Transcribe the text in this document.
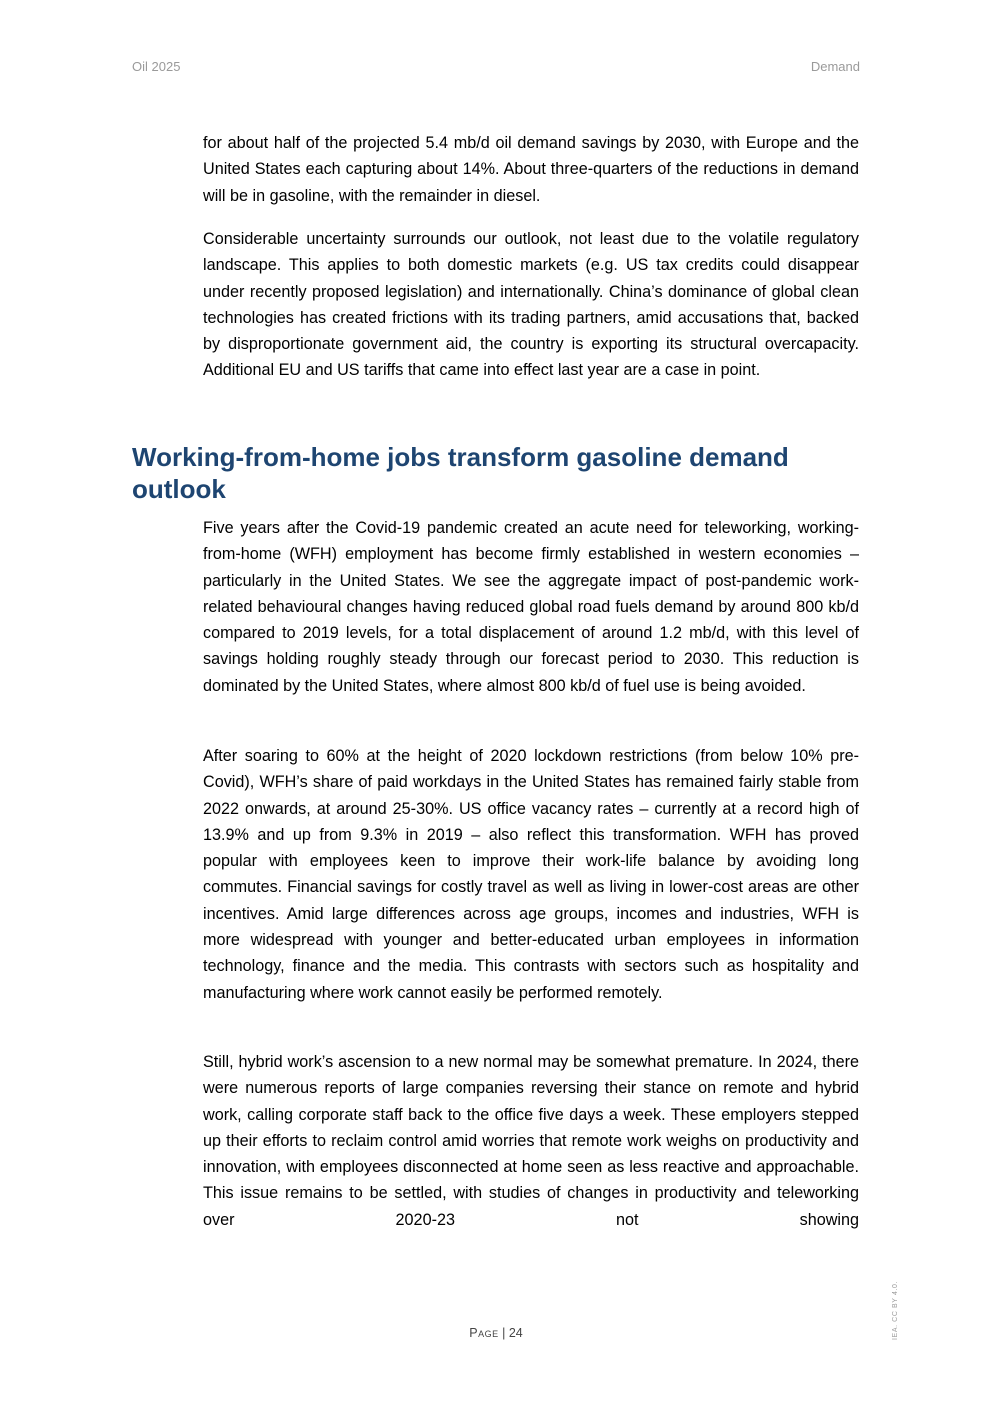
Oil 2025	Demand

for about half of the projected 5.4 mb/d oil demand savings by 2030, with Europe and the United States each capturing about 14%. About three-quarters of the reductions in demand will be in gasoline, with the remainder in diesel.

Considerable uncertainty surrounds our outlook, not least due to the volatile regulatory landscape. This applies to both domestic markets (e.g. US tax credits could disappear under recently proposed legislation) and internationally. China’s dominance of global clean technologies has created frictions with its trading partners, amid accusations that, backed by disproportionate government aid, the country is exporting its structural overcapacity. Additional EU and US tariffs that came into effect last year are a case in point.

Working-from-home jobs transform gasoline demand outlook

Five years after the Covid-19 pandemic created an acute need for teleworking, working-from-home (WFH) employment has become firmly established in western economies – particularly in the United States. We see the aggregate impact of post-pandemic work-related behavioural changes having reduced global road fuels demand by around 800 kb/d compared to 2019 levels, for a total displacement of around 1.2 mb/d, with this level of savings holding roughly steady through our forecast period to 2030. This reduction is dominated by the United States, where almost 800 kb/d of fuel use is being avoided.

After soaring to 60% at the height of 2020 lockdown restrictions (from below 10% pre-Covid), WFH’s share of paid workdays in the United States has remained fairly stable from 2022 onwards, at around 25-30%. US office vacancy rates – currently at a record high of 13.9% and up from 9.3% in 2019 – also reflect this transformation. WFH has proved popular with employees keen to improve their work-life balance by avoiding long commutes. Financial savings for costly travel as well as living in lower-cost areas are other incentives. Amid large differences across age groups, incomes and industries, WFH is more widespread with younger and better-educated urban employees in information technology, finance and the media. This contrasts with sectors such as hospitality and manufacturing where work cannot easily be performed remotely.

Still, hybrid work’s ascension to a new normal may be somewhat premature. In 2024, there were numerous reports of large companies reversing their stance on remote and hybrid work, calling corporate staff back to the office five days a week. These employers stepped up their efforts to reclaim control amid worries that remote work weighs on productivity and innovation, with employees disconnected at home seen as less reactive and approachable. This issue remains to be settled, with studies of changes in productivity and teleworking over 2020-23 not showing

Page | 24	IEA. CC BY 4.0.
